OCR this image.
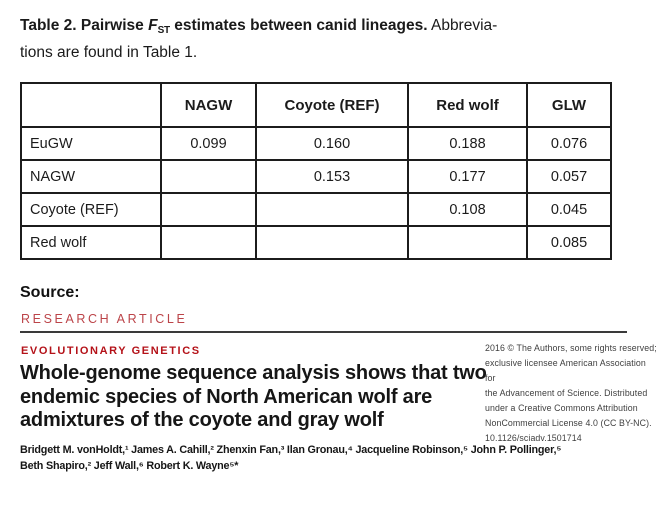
Table 2. Pairwise $F_{ST}$ estimates between canid lineages. Abbrevia-
tions are found in Table 1.
	NAGW	Coyote (REF)	Red wolf	GLW
EuGW	0.099	0.160	0.188	0.076
NAGW		0.153	0.177	0.057
Coyote (REF)			0.108	0.045
Red wolf				0.085
Source:
RESEARCH ARTICLE
EVOLUTIONARY GENETICS
Whole-genome sequence analysis shows that two
endemic species of North American wolf are
admixtures of the coyote and gray wolf
Bridgett M. vonHoldt,¹ James A. Cahill,² Zhenxin Fan,³ Ilan Gronau,⁴ Jacqueline Robinson,⁵ John P. Pollinger,⁵
Beth Shapiro,² Jeff Wall,⁶ Robert K. Wayne⁵*
2016 © The Authors, some rights reserved;
exclusive licensee American Association for
the Advancement of Science. Distributed
under a Creative Commons Attribution
NonCommercial License 4.0 (CC BY-NC).
10.1126/sciadv.1501714
